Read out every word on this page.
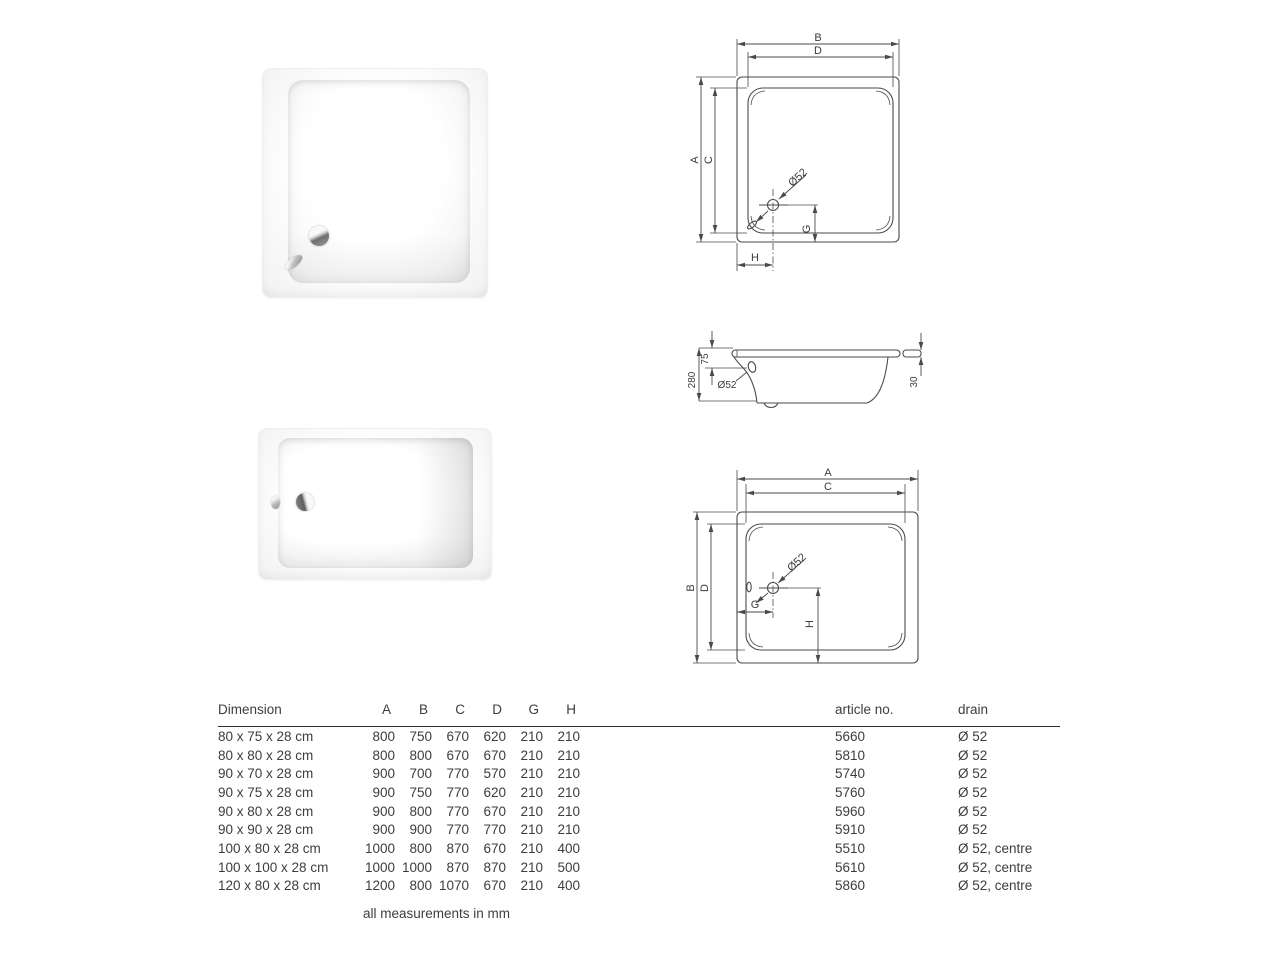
B
D
A C
Ø52
G
H
280
75
Ø52	30
A
C
B D
Ø52
G
H
Dimension	A	B	C	D	G	H		article no.	drain
80 x 75 x 28 cm	800	750	670	620	210	210		5660	Ø 52
80 x 80 x 28 cm	800	800	670	670	210	210		5810	Ø 52
90 x 70 x 28 cm	900	700	770	570	210	210		5740	Ø 52
90 x 75 x 28 cm	900	750	770	620	210	210		5760	Ø 52
90 x 80 x 28 cm	900	800	770	670	210	210		5960	Ø 52
90 x 90 x 28 cm	900	900	770	770	210	210		5910	Ø 52
100 x 80 x 28 cm	1000	800	870	670	210	400		5510	Ø 52, centre
100 x 100 x 28 cm	1000	1000	870	870	210	500		5610	Ø 52, centre
120 x 80 x 28 cm	1200	800	1070	670	210	400		5860	Ø 52, centre
all measurements in mm
